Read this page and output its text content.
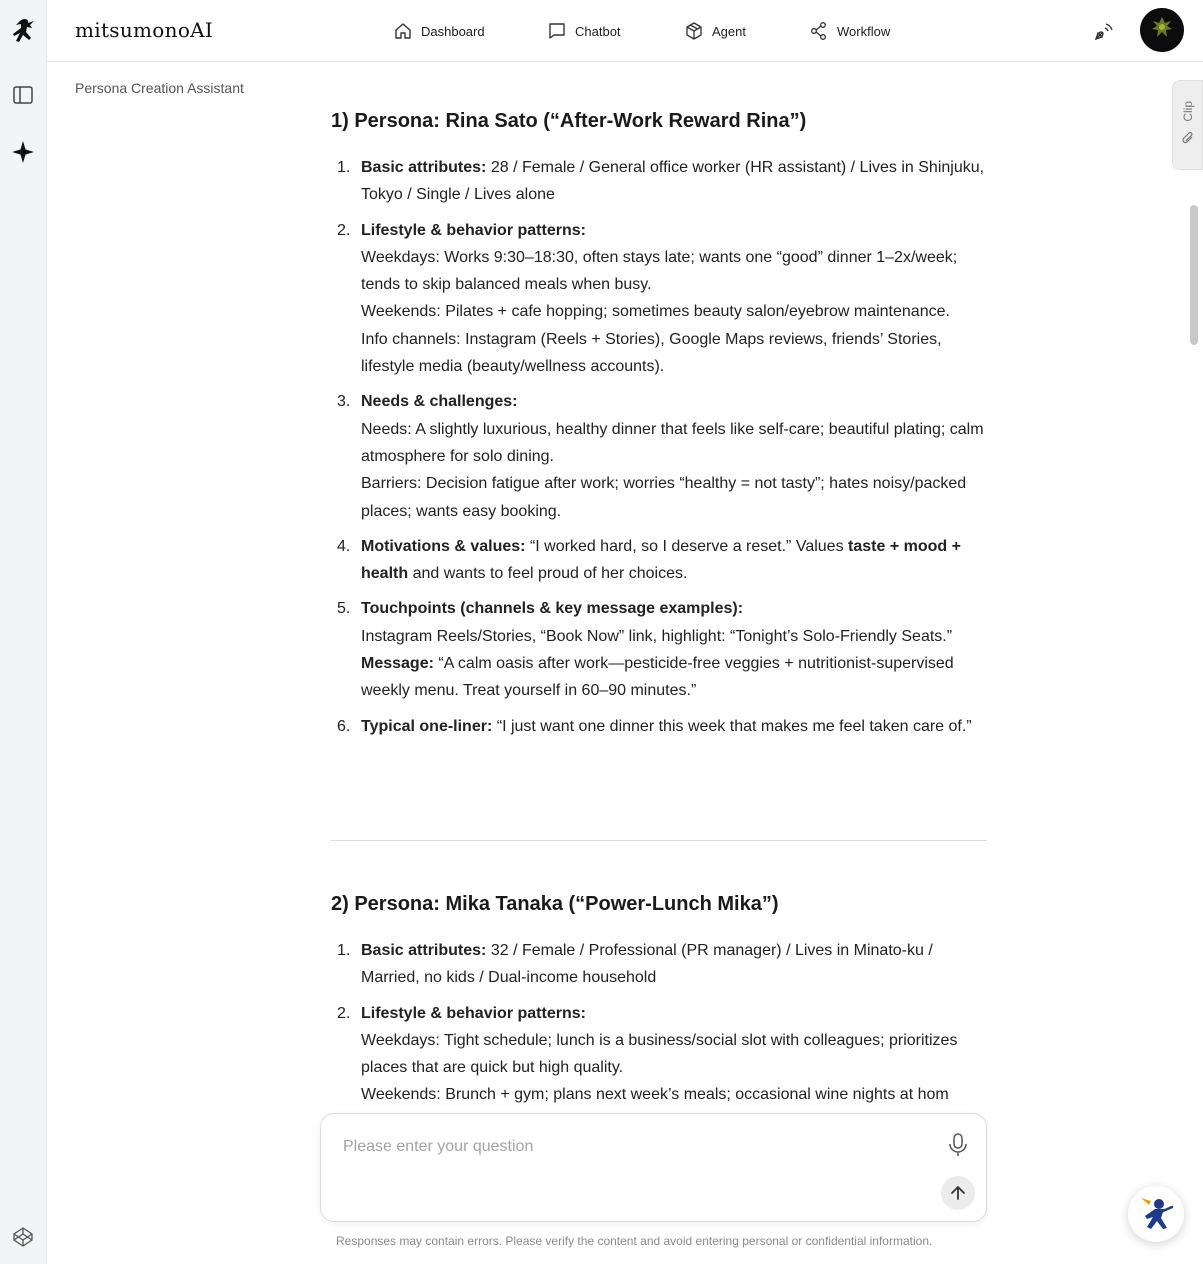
mitsumonoAI	Dashboard	Chatbot	Agent	Workflow
Persona Creation Assistant
1) Persona: Rina Sato (“After-Work Reward Rina”)
1. Basic attributes: 28 / Female / General office worker (HR assistant) / Lives in Shinjuku, Tokyo / Single / Lives alone
2. Lifestyle & behavior patterns:

Weekdays: Works 9:30–18:30, often stays late; wants one “good” dinner 1–2x/week; tends to skip balanced meals when busy.

Weekends: Pilates + cafe hopping; sometimes beauty salon/eyebrow maintenance.

Info channels: Instagram (Reels + Stories), Google Maps reviews, friends’ Stories, lifestyle media (beauty/wellness accounts).

3. Needs & challenges:

Needs: A slightly luxurious, healthy dinner that feels like self-care; beautiful plating; calm atmosphere for solo dining.

Barriers: Decision fatigue after work; worries “healthy = not tasty”; hates noisy/packed places; wants easy booking.

4. Motivations & values: “I worked hard, so I deserve a reset.” Values taste + mood + health and wants to feel proud of her choices.
5. Touchpoints (channels & key message examples):

Instagram Reels/Stories, “Book Now” link, highlight: “Tonight’s Solo-Friendly Seats.”

Message: “A calm oasis after work—pesticide-free veggies + nutritionist-supervised weekly menu. Treat yourself in 60–90 minutes.”

6. Typical one-liner: “I just want one dinner this week that makes me feel taken care of.”
2) Persona: Mika Tanaka (“Power-Lunch Mika”)
1. Basic attributes: 32 / Female / Professional (PR manager) / Lives in Minato-ku / Married, no kids / Dual-income household
2. Lifestyle & behavior patterns:

Weekdays: Tight schedule; lunch is a business/social slot with colleagues; prioritizes places that are quick but high quality.

Weekends: Brunch + gym; plans next week’s meals; occasional wine nights at hom

Clip
Please enter your question
Responses may contain errors. Please verify the content and avoid entering personal or confidential information.
